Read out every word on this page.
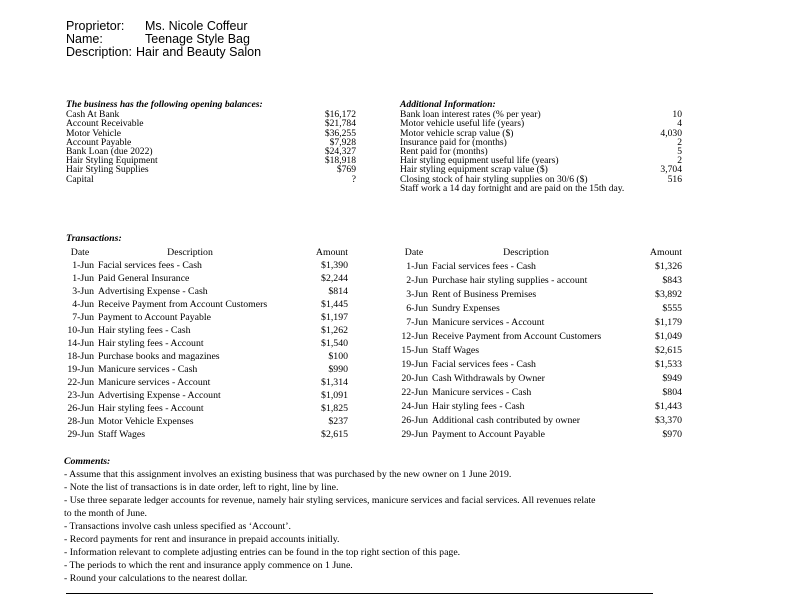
Proprietor:	Ms. Nicole Coffeur
Name:	Teenage Style Bag
Description: Hair and Beauty Salon
The business has the following opening balances:
Cash At Bank	$16,172
Account Receivable	$21,784
Motor Vehicle	$36,255
Account Payable	$7,928
Bank Loan (due 2022)	$24,327
Hair Styling Equipment	$18,918
Hair Styling Supplies	$769
Capital	?
Additional Information:
Bank loan interest rates (% per year)	10
Motor vehicle useful life (years)	4
Motor vehicle scrap value ($)	4,030
Insurance paid for (months)	2
Rent paid for (months)	5
Hair styling equipment useful life (years)	2
Hair styling equipment scrap value ($)	3,704
Closing stock of hair styling supplies on 30/6 ($)	516
Staff work a 14 day fortnight and are paid on the 15th day.
Transactions:
Date	Description	Amount
1-Jun	Facial services fees - Cash	$1,390
1-Jun	Paid General Insurance	$2,244
3-Jun	Advertising Expense - Cash	$814
4-Jun	Receive Payment from Account Customers	$1,445
7-Jun	Payment to Account Payable	$1,197
10-Jun	Hair styling fees - Cash	$1,262
14-Jun	Hair styling fees - Account	$1,540
18-Jun	Purchase books and magazines	$100
19-Jun	Manicure services - Cash	$990
22-Jun	Manicure services - Account	$1,314
23-Jun	Advertising Expense - Account	$1,091
26-Jun	Hair styling fees - Account	$1,825
28-Jun	Motor Vehicle Expenses	$237
29-Jun	Staff Wages	$2,615
Date	Description	Amount
1-Jun	Facial services fees - Cash	$1,326
2-Jun	Purchase hair styling supplies - account	$843
3-Jun	Rent of Business Premises	$3,892
6-Jun	Sundry Expenses	$555
7-Jun	Manicure services - Account	$1,179
12-Jun	Receive Payment from Account Customers	$1,049
15-Jun	Staff Wages	$2,615
19-Jun	Facial services fees - Cash	$1,533
20-Jun	Cash Withdrawals by Owner	$949
22-Jun	Manicure services - Cash	$804
24-Jun	Hair styling fees - Cash	$1,443
26-Jun	Additional cash contributed by owner	$3,370
29-Jun	Payment to Account Payable	$970
Comments:
- Assume that this assignment involves an existing business that was purchased by the new owner on 1 June 2019.
- Note the list of transactions is in date order, left to right, line by line.
- Use three separate ledger accounts for revenue, namely hair styling services, manicure services and facial services. All revenues relate
to the month of June.
- Transactions involve cash unless specified as ‘Account’.
- Record payments for rent and insurance in prepaid accounts initially.
- Information relevant to complete adjusting entries can be found in the top right section of this page.
- The periods to which the rent and insurance apply commence on 1 June.
- Round your calculations to the nearest dollar.
